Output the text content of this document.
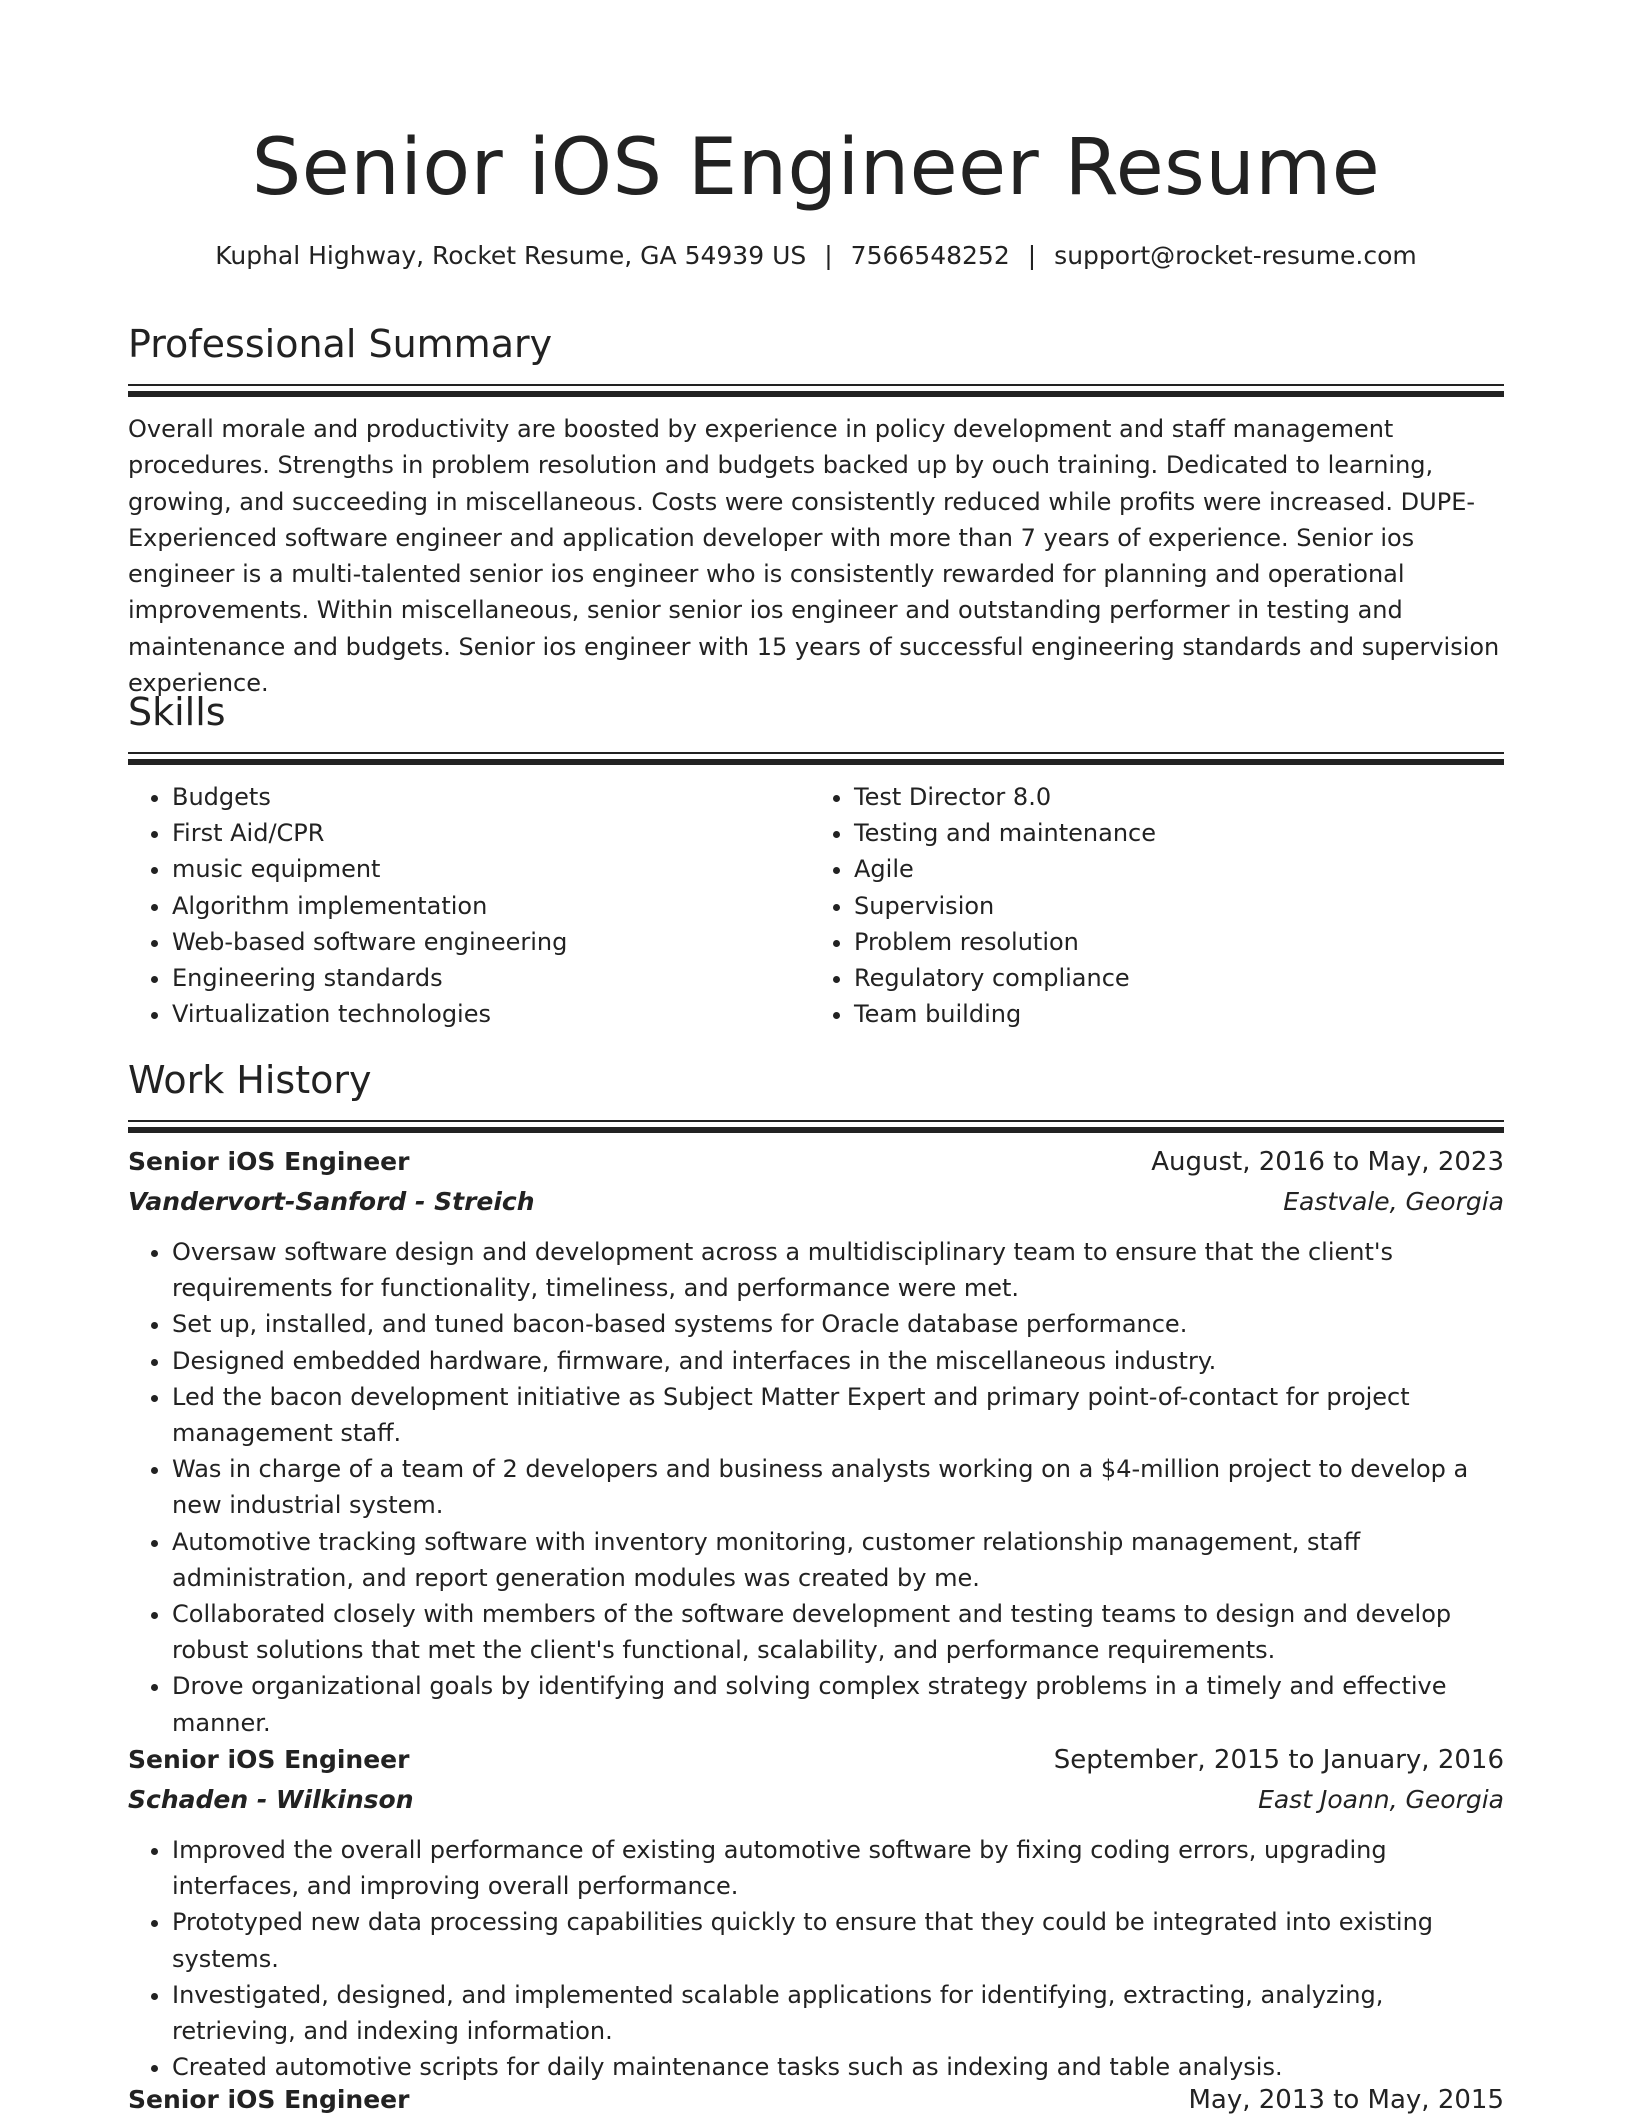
Senior iOS Engineer Resume
Kuphal Highway, Rocket Resume, GA 54939 US | 7566548252 | support@rocket-resume.com
Professional Summary
Overall morale and productivity are boosted by experience in policy development and staff management procedures. Strengths in problem resolution and budgets backed up by ouch training. Dedicated to learning, growing, and succeeding in miscellaneous. Costs were consistently reduced while profits were increased. DUPE- Experienced software engineer and application developer with more than 7 years of experience. Senior ios engineer is a multi-talented senior ios engineer who is consistently rewarded for planning and operational improvements. Within miscellaneous, senior senior ios engineer and outstanding performer in testing and maintenance and budgets. Senior ios engineer with 15 years of successful engineering standards and supervision experience.
Skills
• Budgets
• First Aid/CPR
• music equipment
• Algorithm implementation
• Web-based software engineering
• Engineering standards
• Virtualization technologies
• Test Director 8.0
• Testing and maintenance
• Agile
• Supervision
• Problem resolution
• Regulatory compliance
• Team building
Work History
Senior iOS Engineer	August, 2016 to May, 2023
Vandervort-Sanford - Streich	Eastvale, Georgia
• Oversaw software design and development across a multidisciplinary team to ensure that the client's requirements for functionality, timeliness, and performance were met.
• Set up, installed, and tuned bacon-based systems for Oracle database performance.
• Designed embedded hardware, firmware, and interfaces in the miscellaneous industry.
• Led the bacon development initiative as Subject Matter Expert and primary point-of-contact for project management staff.
• Was in charge of a team of 2 developers and business analysts working on a $4-million project to develop a new industrial system.
• Automotive tracking software with inventory monitoring, customer relationship management, staff administration, and report generation modules was created by me.
• Collaborated closely with members of the software development and testing teams to design and develop robust solutions that met the client's functional, scalability, and performance requirements.
• Drove organizational goals by identifying and solving complex strategy problems in a timely and effective manner.
Senior iOS Engineer	September, 2015 to January, 2016
Schaden - Wilkinson	East Joann, Georgia
• Improved the overall performance of existing automotive software by fixing coding errors, upgrading interfaces, and improving overall performance.
• Prototyped new data processing capabilities quickly to ensure that they could be integrated into existing systems.
• Investigated, designed, and implemented scalable applications for identifying, extracting, analyzing, retrieving, and indexing information.
• Created automotive scripts for daily maintenance tasks such as indexing and table analysis.
Senior iOS Engineer	May, 2013 to May, 2015
